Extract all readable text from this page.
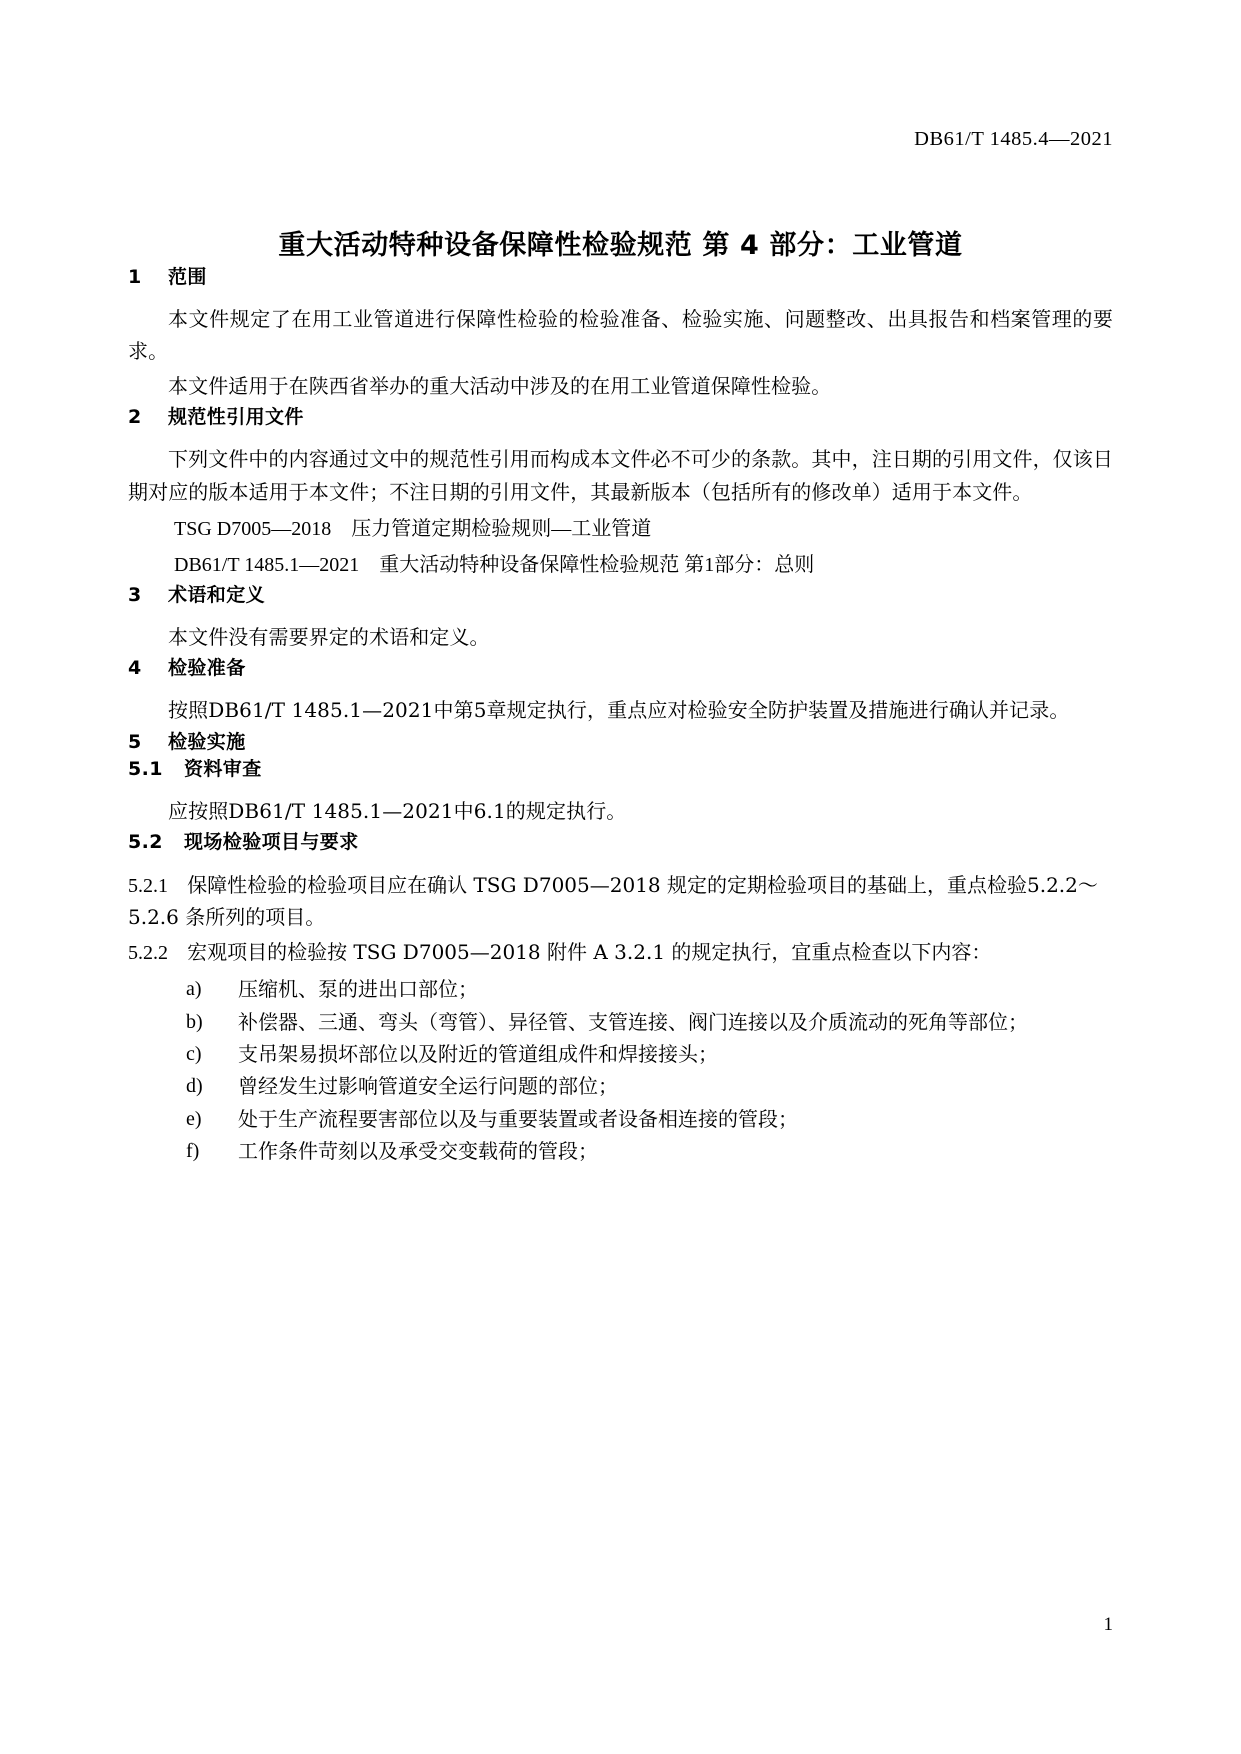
DB61/T 1485.4—2021
重大活动特种设备保障性检验规范 第 4 部分：工业管道
1 范围

本文件规定了在用工业管道进行保障性检验的检验准备、检验实施、问题整改、出具报告和档案管理的要求。

本文件适用于在陕西省举办的重大活动中涉及的在用工业管道保障性检验。

2 规范性引用文件

下列文件中的内容通过文中的规范性引用而构成本文件必不可少的条款。其中，注日期的引用文件，仅该日期对应的版本适用于本文件；不注日期的引用文件，其最新版本（包括所有的修改单）适用于本文件。

TSG D7005—2018　压力管道定期检验规则—工业管道

DB61/T 1485.1—2021　重大活动特种设备保障性检验规范 第1部分：总则

3 术语和定义

本文件没有需要界定的术语和定义。

4 检验准备

按照DB61/T 1485.1—2021中第5章规定执行，重点应对检验安全防护装置及措施进行确认并记录。

5 检验实施
5.1 资料审查

应按照DB61/T 1485.1—2021中6.1的规定执行。

5.2 现场检验项目与要求

5.2.1 保障性检验的检验项目应在确认 TSG D7005—2018 规定的定期检验项目的基础上，重点检验5.2.2～5.2.6 条所列的项目。

5.2.2 宏观项目的检验按 TSG D7005—2018 附件 A 3.2.1 的规定执行，宜重点检查以下内容：

a) 压缩机、泵的进出口部位；
b) 补偿器、三通、弯头（弯管）、异径管、支管连接、阀门连接以及介质流动的死角等部位；
c) 支吊架易损坏部位以及附近的管道组成件和焊接接头；
d) 曾经发生过影响管道安全运行问题的部位；
e) 处于生产流程要害部位以及与重要装置或者设备相连接的管段；
f) 工作条件苛刻以及承受交变载荷的管段；
1
